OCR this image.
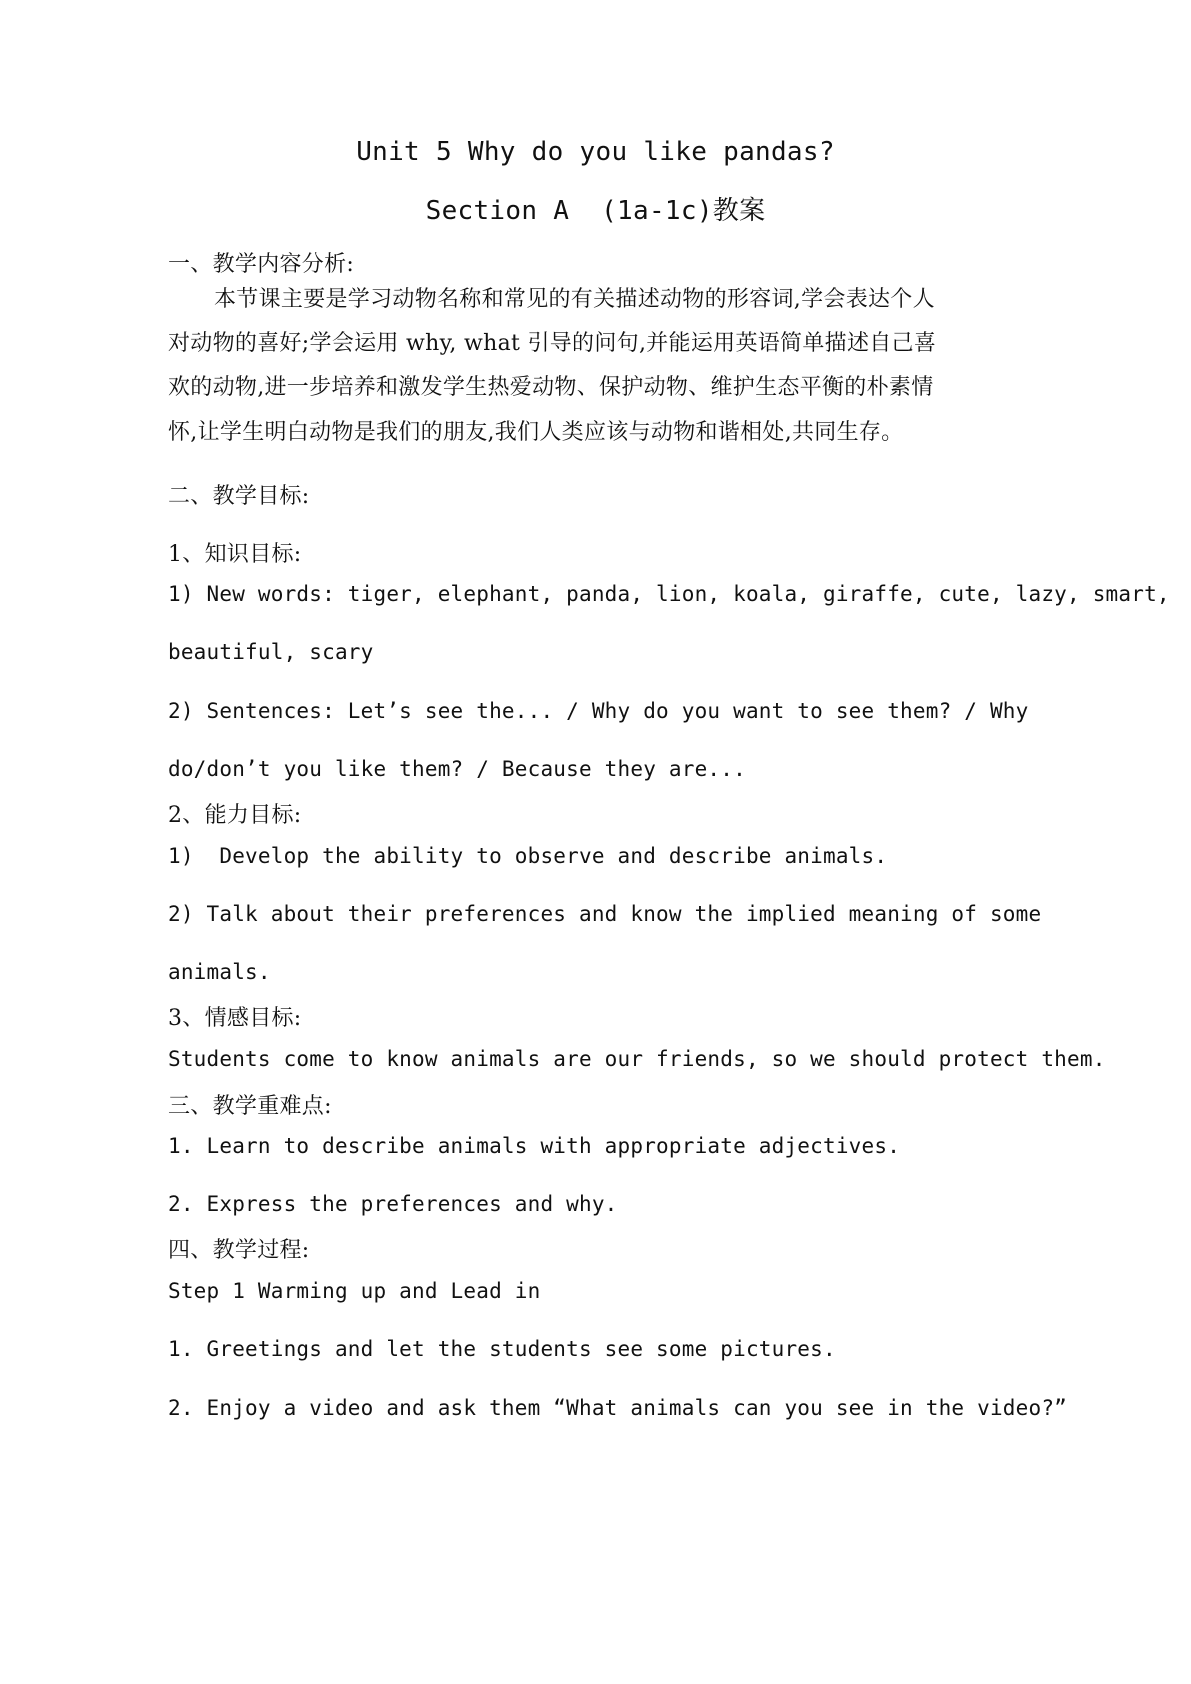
Unit 5 Why do you like pandas?
Section A  (1a-1c)教案
一、教学内容分析:
本节课主要是学习动物名称和常见的有关描述动物的形容词,学会表达个人
对动物的喜好;学会运用 why, what 引导的问句,并能运用英语简单描述自己喜
欢的动物,进一步培养和激发学生热爱动物、保护动物、维护生态平衡的朴素情
怀,让学生明白动物是我们的朋友,我们人类应该与动物和谐相处,共同生存。
二、教学目标:
1、知识目标:
1) New words: tiger, elephant, panda, lion, koala, giraffe, cute, lazy, smart,
beautiful, scary
2) Sentences: Let’s see the... / Why do you want to see them? / Why
do/don’t you like them? / Because they are...
2、能力目标:
1)  Develop the ability to observe and describe animals.
2) Talk about their preferences and know the implied meaning of some
animals.
3、情感目标:
Students come to know animals are our friends, so we should protect them.
三、教学重难点:
1. Learn to describe animals with appropriate adjectives.
2. Express the preferences and why.
四、教学过程:
Step 1 Warming up and Lead in
1. Greetings and let the students see some pictures.
2. Enjoy a video and ask them “What animals can you see in the video?”
